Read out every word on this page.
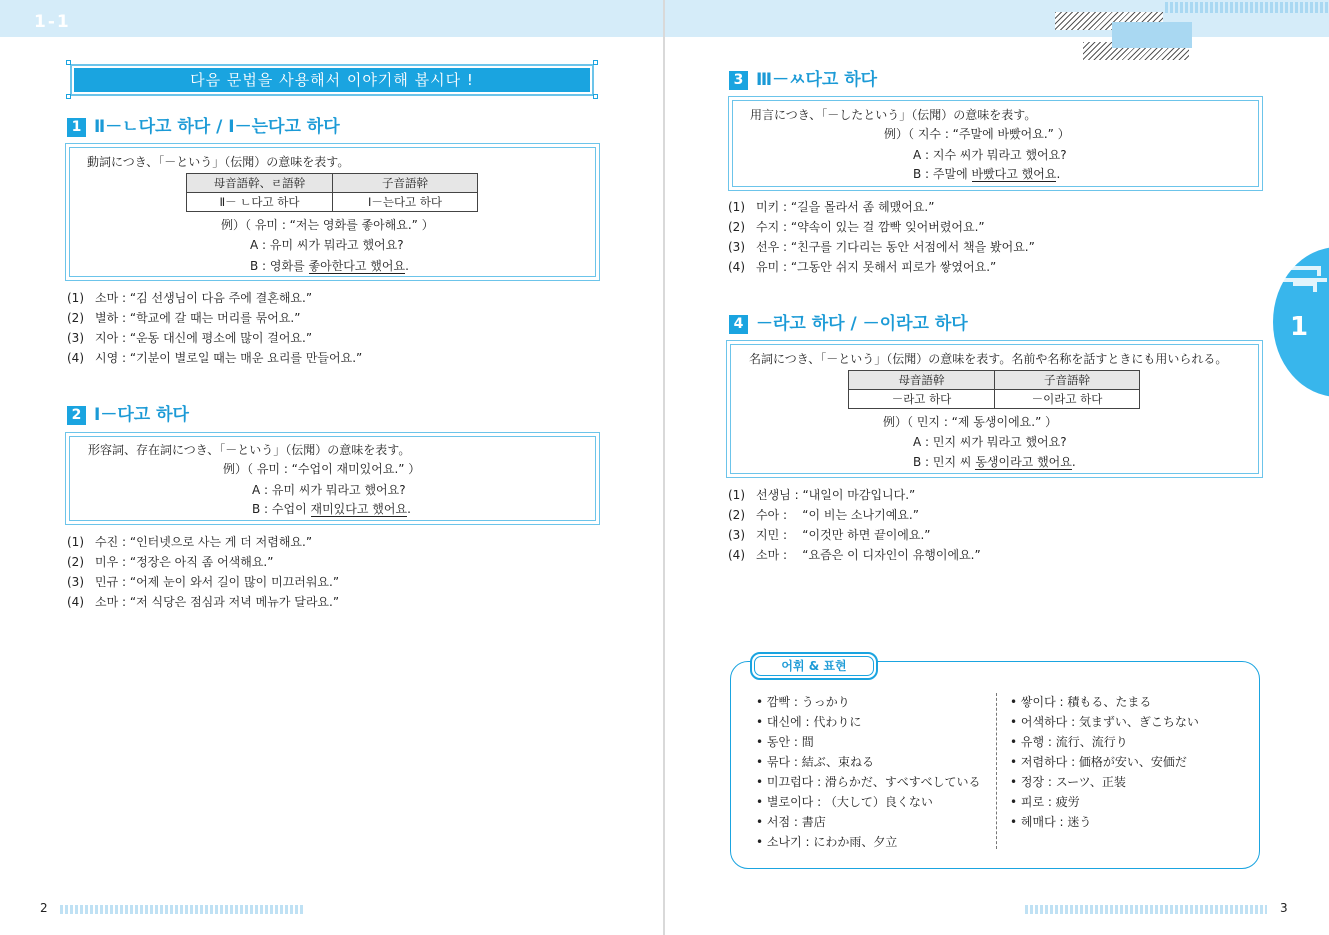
1-1
다음 문법을 사용해서 이야기해 봅시다 !
1 Ⅱ－ㄴ다고 하다 / Ⅰ－는다고 하다
動詞につき、「－という」（伝聞）の意味を表す。
母音語幹、ㄹ語幹	子音語幹
Ⅱ－ ㄴ다고 하다	Ⅰ－는다고 하다
例）（ 유미 : “저는 영화를 좋아해요.” ）
A : 유미 씨가 뭐라고 했어요?
B : 영화를 좋아한다고 했어요.
(1) 소마 : “김 선생님이 다음 주에 결혼해요.”
(2) 별하 : “학교에 갈 때는 머리를 묶어요.”
(3) 지아 : “운동 대신에 평소에 많이 걸어요.”
(4) 시영 : “기분이 별로일 때는 매운 요리를 만들어요.”
2 Ⅰ－다고 하다
形容詞、存在詞につき、「－という」（伝聞）の意味を表す。
例）（ 유미 : “수업이 재미있어요.” ）
A : 유미 씨가 뭐라고 했어요?
B : 수업이 재미있다고 했어요.
(1) 수진 : “인터넷으로 사는 게 더 저렴해요.”
(2) 미우 : “정장은 아직 좀 어색해요.”
(3) 민규 : “어제 눈이 와서 길이 많이 미끄러워요.”
(4) 소마 : “저 식당은 점심과 저녁 메뉴가 달라요.”
2
3 Ⅲ－ㅆ다고 하다
用言につき、「－したという」（伝聞）の意味を表す。
例）（ 지수 : “주말에 바빴어요.” ）
A : 지수 씨가 뭐라고 했어요?
B : 주말에 바빴다고 했어요.
(1) 미키 : “길을 몰라서 좀 헤맸어요.”
(2) 수지 : “약속이 있는 걸 깜빡 잊어버렸어요.”
(3) 선우 : “친구를 기다리는 동안 서점에서 책을 봤어요.”
(4) 유미 : “그동안 쉬지 못해서 피로가 쌓였어요.”
4 －라고 하다 / －이라고 하다
名詞につき、「－という」（伝聞）の意味を表す。名前や名称を話すときにも用いられる。
母音語幹	子音語幹
－라고 하다	－이라고 하다
例）（ 민지 : “제 동생이에요.” ）
A : 민지 씨가 뭐라고 했어요?
B : 민지 씨 동생이라고 했어요.
(1) 선생님 : “내일이 마감입니다.”
(2) 수아 :    “이 비는 소나기예요.”
(3) 지민 :    “이것만 하면 끝이에요.”
(4) 소마 :    “요즘은 이 디자인이 유행이에요.”
어휘 & 표현
• 깜빡 : うっかり
• 대신에 : 代わりに
• 동안 : 間
• 묶다 : 結ぶ、束ねる
• 미끄럽다 : 滑らかだ、すべすべしている
• 별로이다 : （大して）良くない
• 서점 : 書店
• 소나기 : にわか雨、夕立
• 쌓이다 : 積もる、たまる
• 어색하다 : 気まずい、ぎこちない
• 유행 : 流行、流行り
• 저렴하다 : 価格が安い、安価だ
• 정장 : スーツ、正装
• 피로 : 疲労
• 헤매다 : 迷う
1
3
